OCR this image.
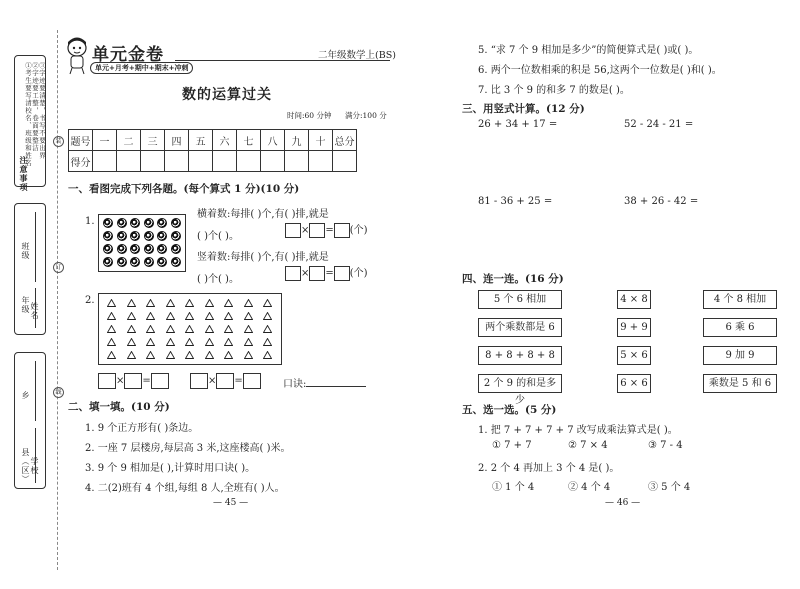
注意事项
①考生要写清校名、班级和姓名 ②字迹要工整，卷面要整洁 ③字迹要清楚，书写不要出界
班级
年级 姓名
乡
县（区） 学校
装
订
线
单元金卷
单元+月考+期中+期末+冲刺
二年级数学上(BS)
数的运算过关
时间:60 分钟 满分:100 分
题号	一	二	三	四	五	六	七	八	九	十	总分
得分											
一、看图完成下列各题。(每个算式 1 分)(10 分)
1.
横着数:每排( )个,有( )排,就是
( )个( )。
× = (个)
竖着数:每排( )个,有( )排,就是
( )个( )。
× = (个)
2.
× =	× =	口诀:
二、填一填。(10 分)
1. 9 个正方形有( )条边。
2. 一座 7 层楼房,每层高 3 米,这座楼高( )米。
3. 9 个 9 相加是( ),计算时用口诀( )。
4. 二(2)班有 4 个组,每组 8 人,全班有( )人。
— 45 —
5. “求 7 个 9 相加是多少”的简便算式是( )或( )。
6. 两个一位数相乘的积是 56,这两个一位数是( )和( )。
7. 比 3 个 9 的和多 7 的数是( )。
三、用竖式计算。(12 分)
26 + 34 + 17 =	52 - 24 - 21 =
81 - 36 + 25 =	38 + 26 - 42 =
四、连一连。(16 分)
5 个 6 相加
两个乘数都是 6
8 + 8 + 8 + 8
2 个 9 的和是多少
4 × 8
9 + 9
5 × 6
6 × 6
4 个 8 相加
6 乘 6
9 加 9
乘数是 5 和 6
五、选一选。(5 分)
1. 把 7 + 7 + 7 + 7 改写成乘法算式是( )。
① 7 + 7	② 7 × 4	③ 7 - 4
2. 2 个 4 再加上 3 个 4 是( )。
① 1 个 4	② 4 个 4	③ 5 个 4
— 46 —
